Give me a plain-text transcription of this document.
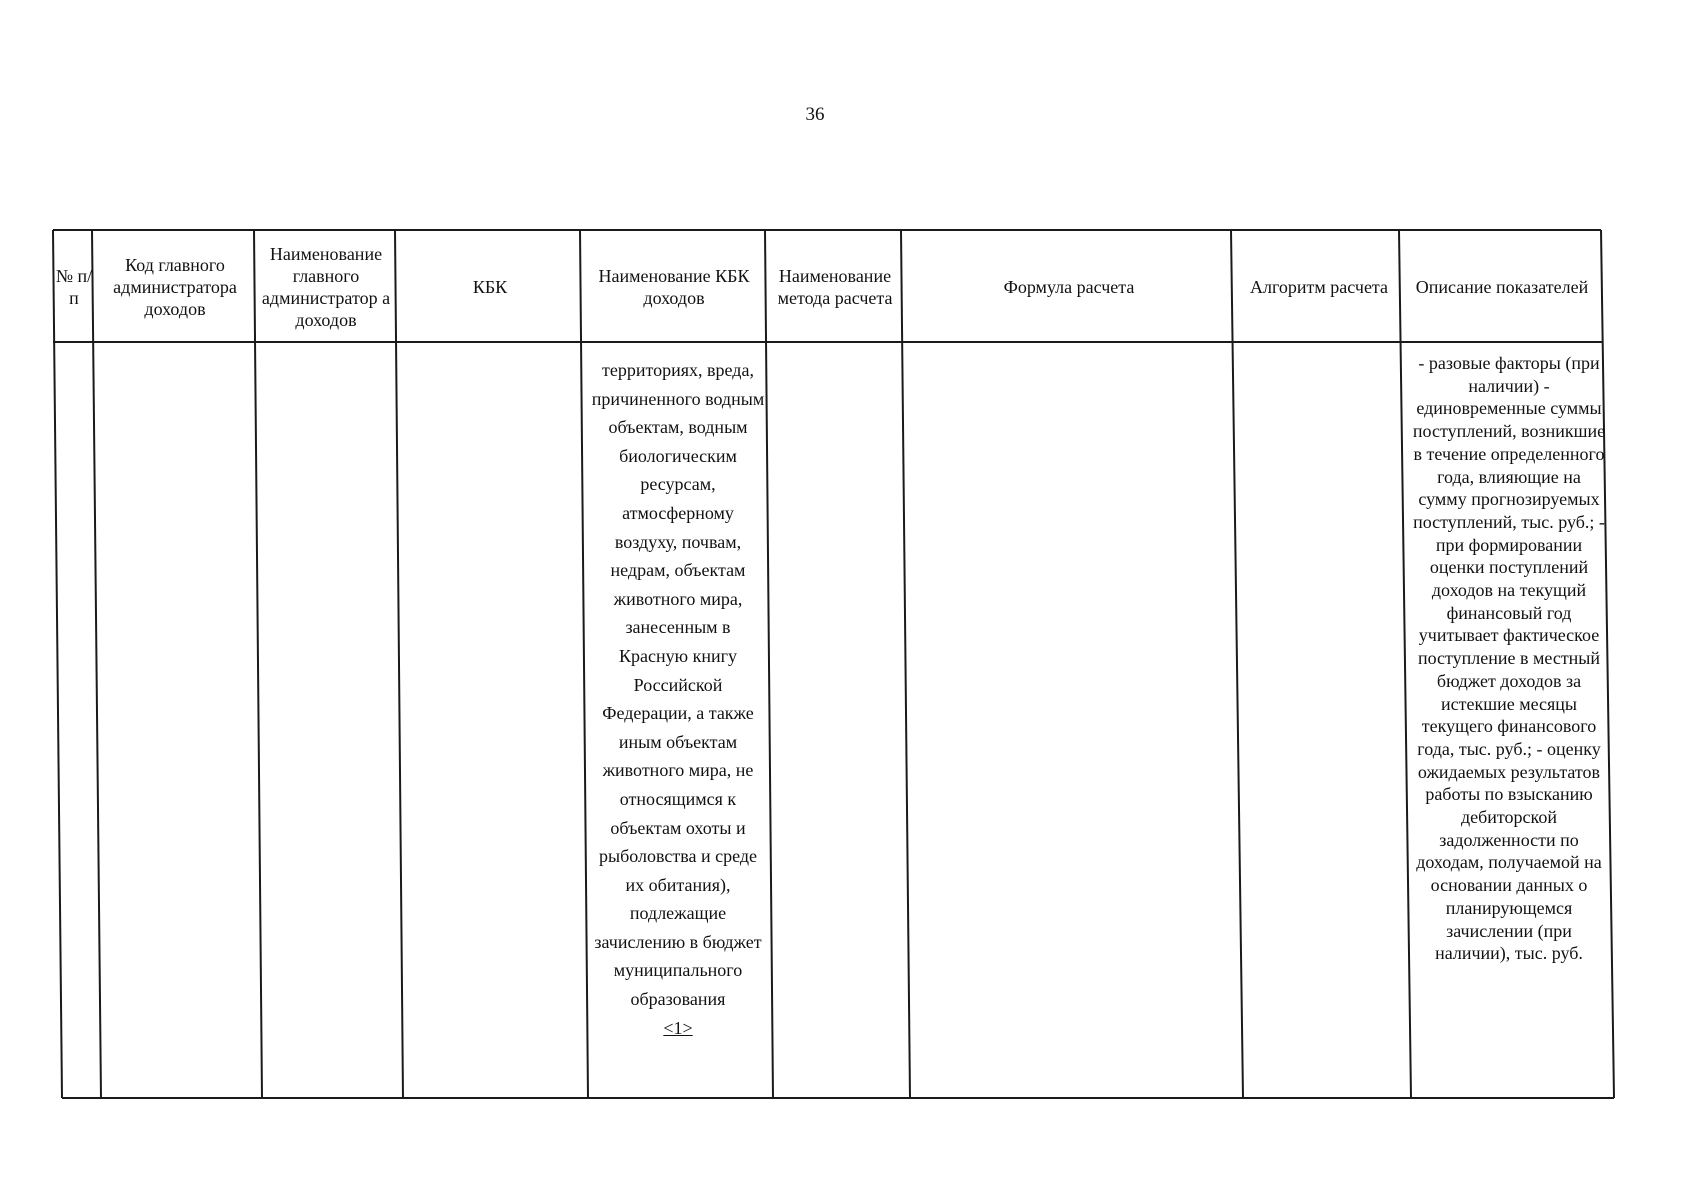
36
№ п/п
Код главного администратора доходов
Наименование главного администратор а доходов
КБК
Наименование КБК доходов
Наименование метода расчета
Формула расчета	Алгоритм расчета Описание показателей
территориях, вреда, причиненного водным объектам, водным биологическим ресурсам, атмосферному воздуху, почвам, недрам, объектам животного мира, занесенным в Красную книгу Российской Федерации, а также иным объектам животного мира, не относящимся к объектам охоты и рыболовства и среде их обитания), подлежащие зачислению в бюджет муниципального образования
<1>
- разовые факторы (при наличии) - единовременные суммы поступлений, возникшие в течение определенного года, влияющие на сумму прогнозируемых поступлений, тыс. руб.; - при формировании оценки поступлений доходов на текущий финансовый год учитывает фактическое поступление в местный бюджет доходов за истекшие месяцы текущего финансового года, тыс. руб.; - оценку ожидаемых результатов работы по взысканию дебиторской задолженности по доходам, получаемой на основании данных о планирующемся зачислении (при наличии), тыс. руб.
